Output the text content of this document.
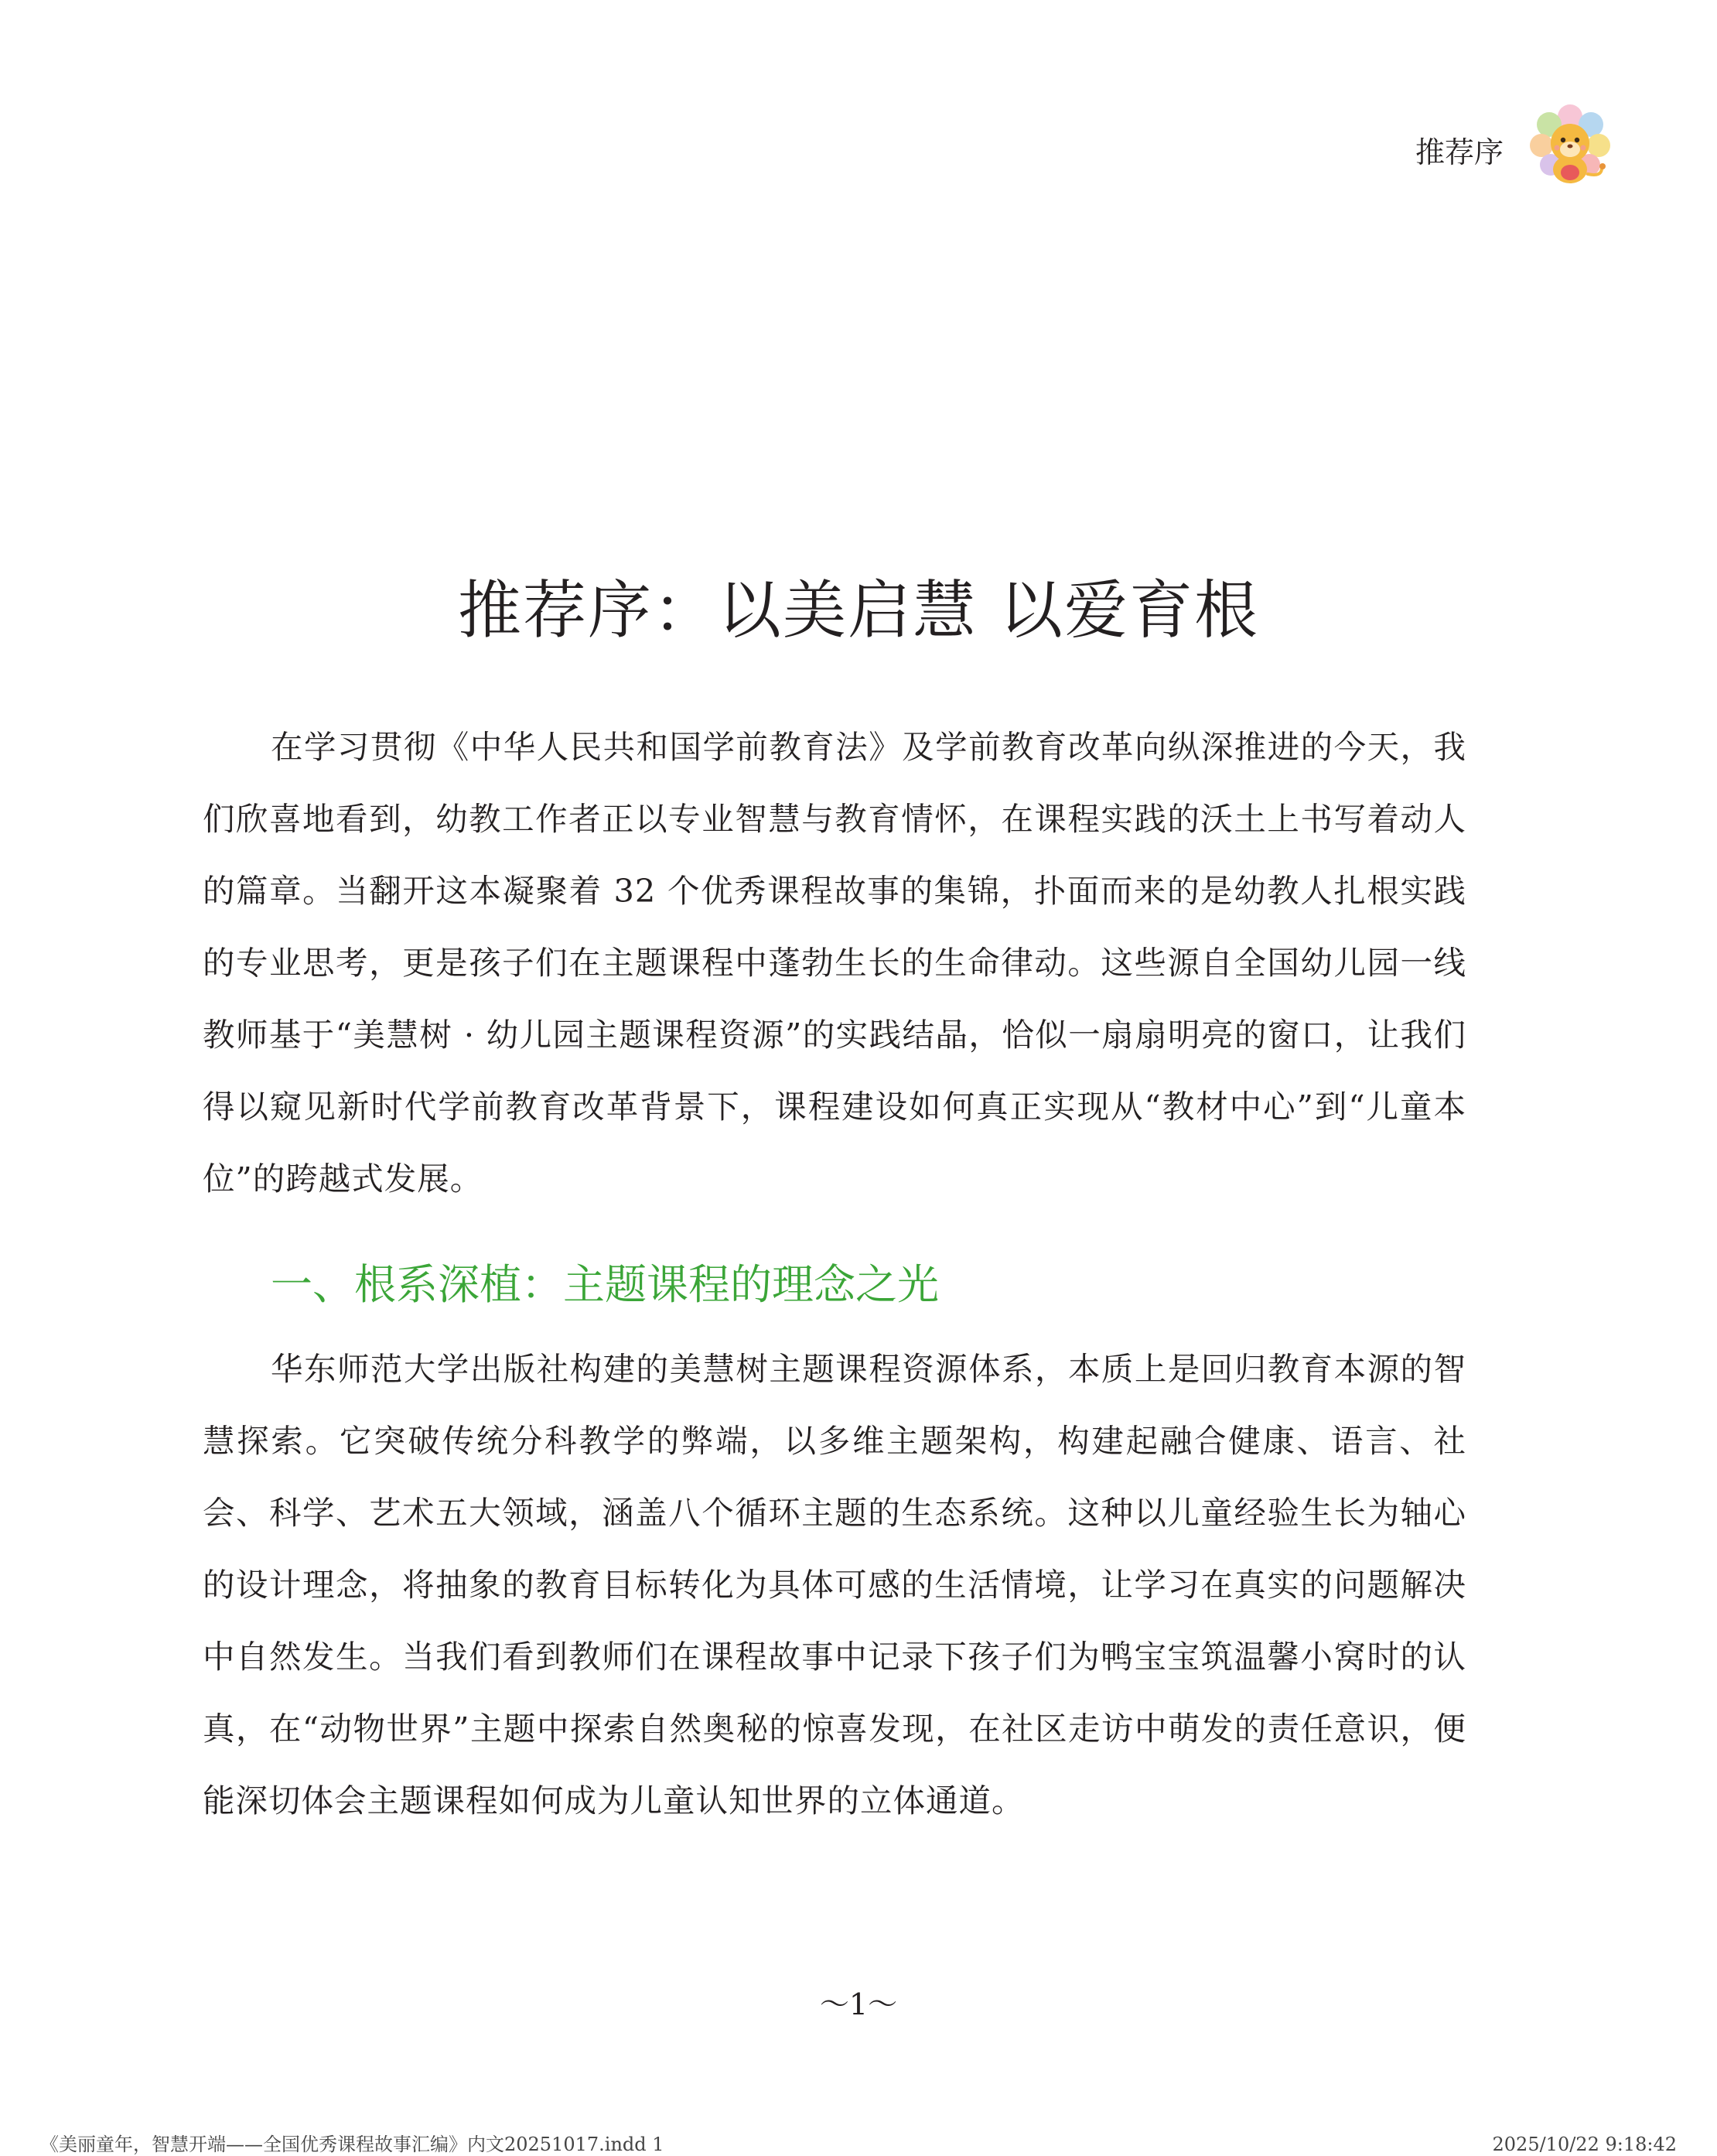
推荐序
推荐序：以美启慧 以爱育根

在学习贯彻《中华人民共和国学前教育法》及学前教育改革向纵深推进的今天，我们欣喜地看到，幼教工作者正以专业智慧与教育情怀，在课程实践的沃土上书写着动人的篇章。当翻开这本凝聚着 32 个优秀课程故事的集锦，扑面而来的是幼教人扎根实践的专业思考，更是孩子们在主题课程中蓬勃生长的生命律动。这些源自全国幼儿园一线教师基于“美慧树 · 幼儿园主题课程资源”的实践结晶，恰似一扇扇明亮的窗口，让我们得以窥见新时代学前教育改革背景下，课程建设如何真正实现从“教材中心”到“儿童本位”的跨越式发展。

一、根系深植：主题课程的理念之光

华东师范大学出版社构建的美慧树主题课程资源体系，本质上是回归教育本源的智慧探索。它突破传统分科教学的弊端，以多维主题架构，构建起融合健康、语言、社会、科学、艺术五大领域，涵盖八个循环主题的生态系统。这种以儿童经验生长为轴心的设计理念，将抽象的教育目标转化为具体可感的生活情境，让学习在真实的问题解决中自然发生。当我们看到教师们在课程故事中记录下孩子们为鸭宝宝筑温馨小窝时的认真，在“动物世界”主题中探索自然奥秘的惊喜发现，在社区走访中萌发的责任意识，便能深切体会主题课程如何成为儿童认知世界的立体通道。

～1～
《美丽童年，智慧开端——全国优秀课程故事汇编》内文20251017.indd 1	2025/10/22 9:18:42
